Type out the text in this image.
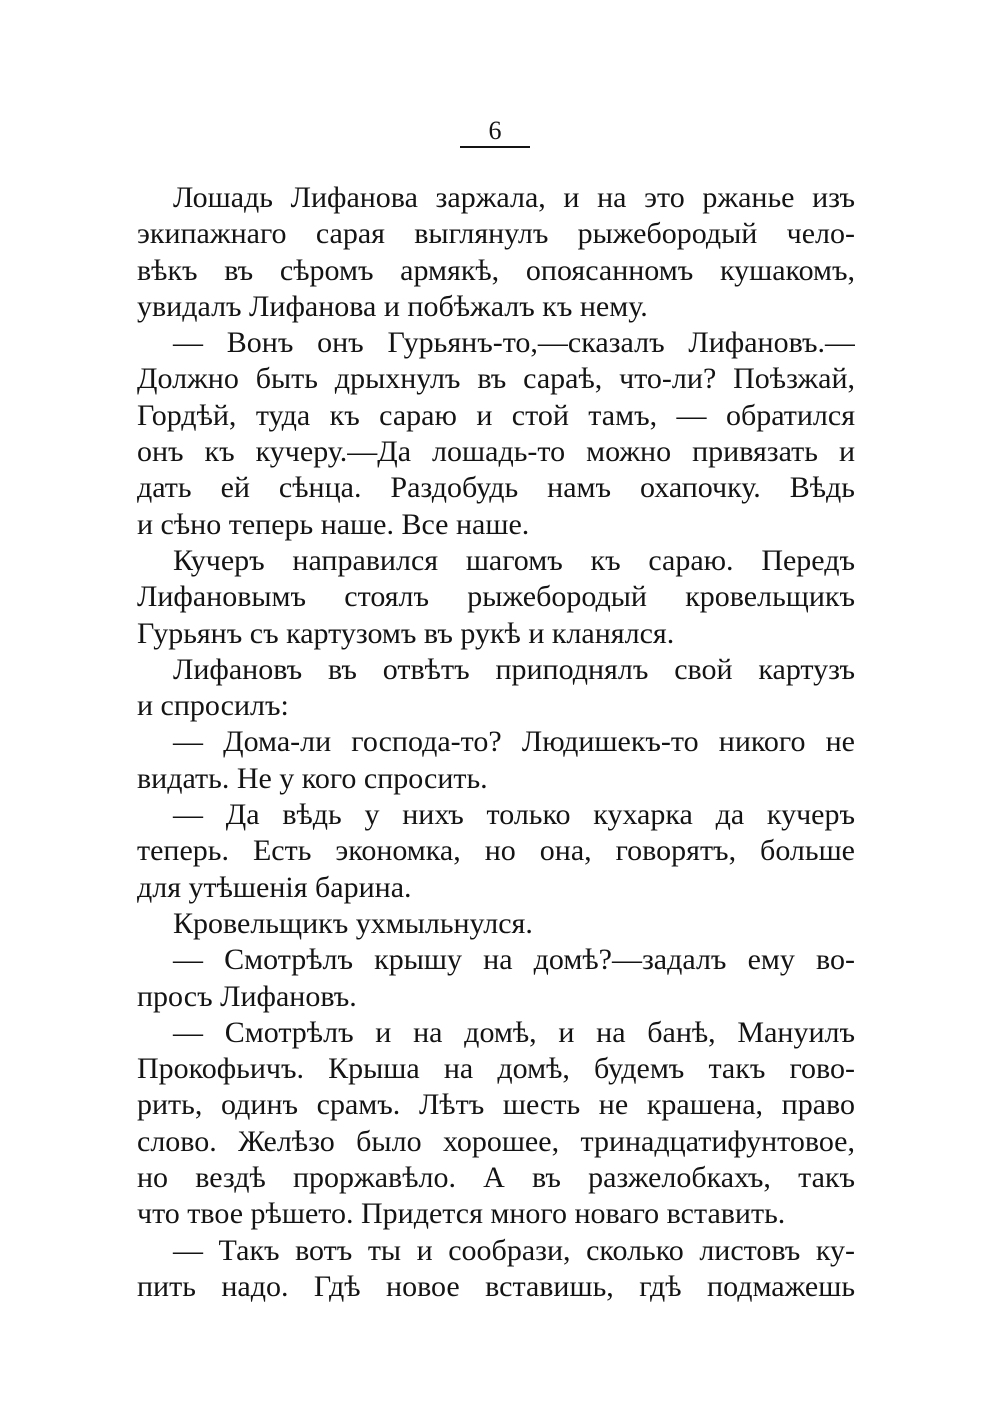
6
Лошадь Лифанова заржала, и на это ржанье изъ
экипажнаго сарая выглянулъ рыжебородый чело-
вѣкъ въ сѣромъ армякѣ, опоясанномъ кушакомъ,
увидалъ Лифанова и побѣжалъ къ нему.
— Вонъ онъ Гурьянъ-то,—сказалъ Лифановъ.—
Должно быть дрыхнулъ въ сараѣ, что-ли? Поѣзжай,
Гордѣй, туда къ сараю и стой тамъ, — обратился
онъ къ кучеру.—Да лошадь-то можно привязать и
дать ей сѣнца. Раздобудь намъ охапочку. Вѣдь
и сѣно теперь наше. Все наше.
Кучеръ направился шагомъ къ сараю. Передъ
Лифановымъ стоялъ рыжебородый кровельщикъ
Гурьянъ съ картузомъ въ рукѣ и кланялся.
Лифановъ въ отвѣтъ приподнялъ свой картузъ
и спросилъ:
— Дома-ли господа-то? Людишекъ-то никого не
видать. Не у кого спросить.
— Да вѣдь у нихъ только кухарка да кучеръ
теперь. Есть экономка, но она, говорятъ, больше
для утѣшенія барина.
Кровельщикъ ухмыльнулся.
— Смотрѣлъ крышу на домѣ?—задалъ ему во-
просъ Лифановъ.
— Смотрѣлъ и на домѣ, и на банѣ, Мануилъ
Прокофьичъ. Крыша на домѣ, будемъ такъ гово-
рить, одинъ срамъ. Лѣтъ шесть не крашена, право
слово. Желѣзо было хорошее, тринадцатифунтовое,
но вездѣ проржавѣло. А въ разжелобкахъ, такъ
что твое рѣшето. Придется много новаго вставить.
— Такъ вотъ ты и сообрази, сколько листовъ ку-
пить надо. Гдѣ новое вставишь, гдѣ подмажешь
